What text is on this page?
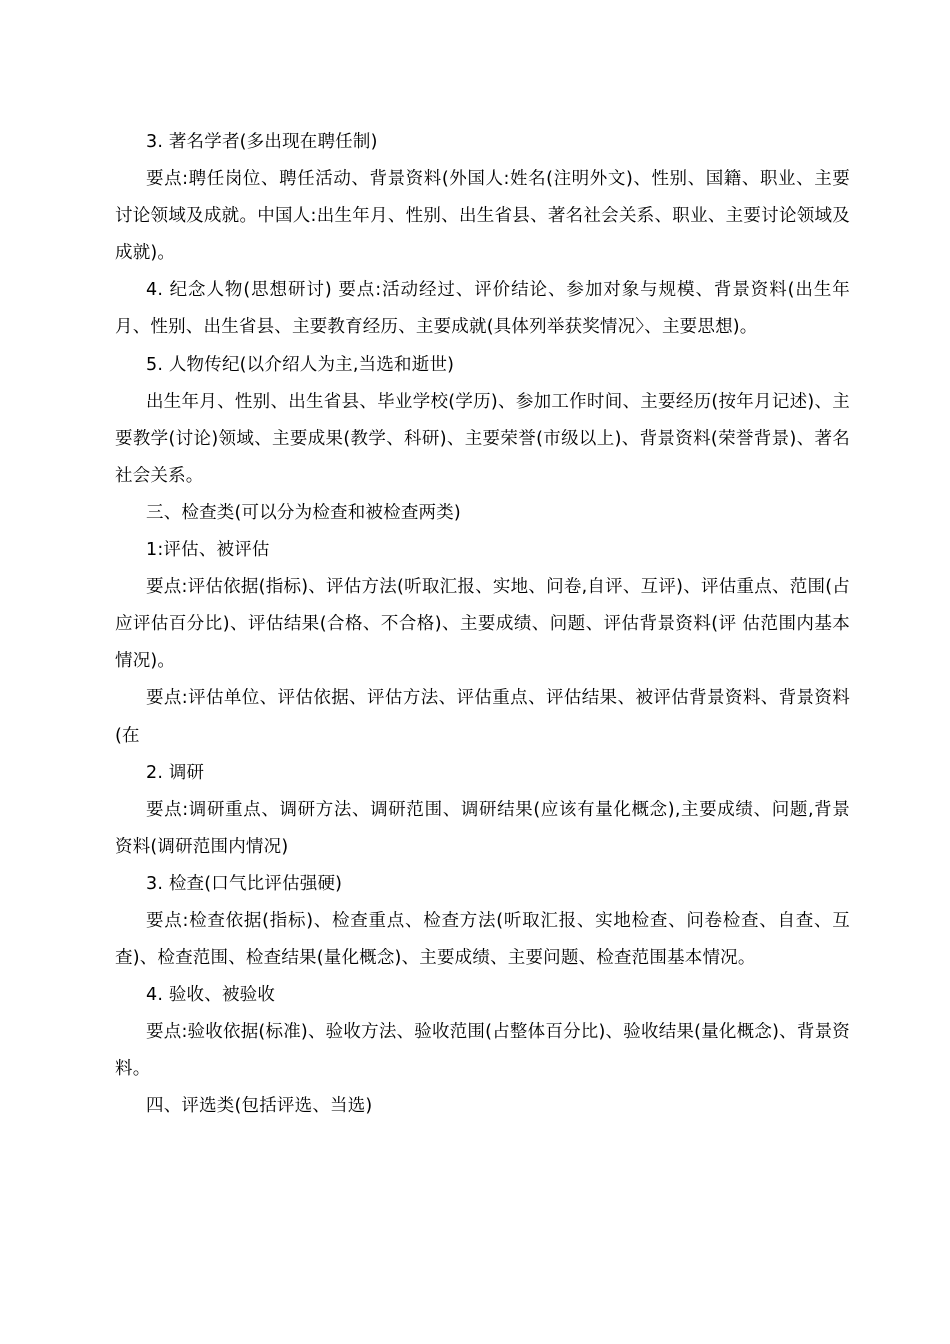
3. 著名学者(多出现在聘任制)

要点:聘任岗位、聘任活动、背景资料(外国人:姓名(注明外文)、性别、国籍、职业、主要讨论领域及成就。中国人:出生年月、性别、出生省县、著名社会关系、职业、主要讨论领域及成就)。

4. 纪念人物(思想研讨) 要点:活动经过、评价结论、参加对象与规模、背景资料(出生年月、性别、出生省县、主要教育经历、主要成就(具体列举获奖情况〉、主要思想)。

5. 人物传纪(以介绍人为主,当选和逝世)

出生年月、性别、出生省县、毕业学校(学历)、参加工作时间、主要经历(按年月记述)、主要教学(讨论)领域、主要成果(教学、科研)、主要荣誉(市级以上)、背景资料(荣誉背景)、著名社会关系。

三、检查类(可以分为检查和被检查两类)

1:评估、被评估

要点:评估依据(指标)、评估方法(听取汇报、实地、问卷,自评、互评)、评估重点、范围(占应评估百分比)、评估结果(合格、不合格)、主要成绩、问题、评估背景资料(评 估范围内基本情况)。

要点:评估单位、评估依据、评估方法、评估重点、评估结果、被评估背景资料、背景资料(在

2. 调研

要点:调研重点、调研方法、调研范围、调研结果(应该有量化概念),主要成绩、问题,背景资料(调研范围内情况)

3. 检查(口气比评估强硬)

要点:检查依据(指标)、检查重点、检查方法(听取汇报、实地检查、问卷检查、自查、互查)、检查范围、检查结果(量化概念)、主要成绩、主要问题、检查范围基本情况。

4. 验收、被验收

要点:验收依据(标准)、验收方法、验收范围(占整体百分比)、验收结果(量化概念)、背景资料。

四、评选类(包括评选、当选)
